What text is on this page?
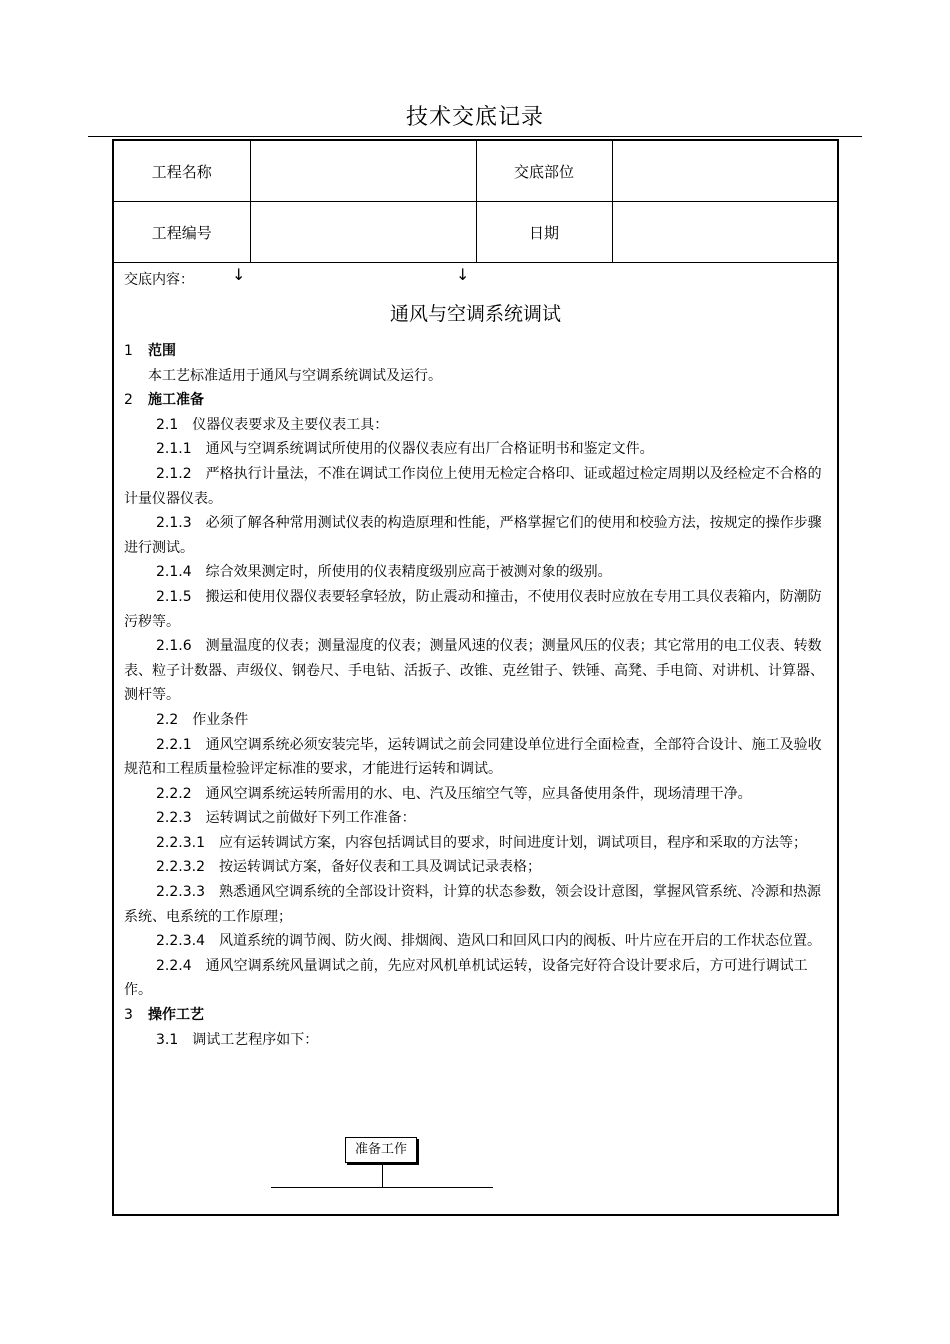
技术交底记录
工程名称		交底部位	
工程编号		日期	
交底内容： ↓	↓
通风与空调系统调试

1 范围

本工艺标准适用于通风与空调系统调试及运行。

2 施工准备

2.1　仪器仪表要求及主要仪表工具：

2.1.1　通风与空调系统调试所使用的仪器仪表应有出厂合格证明书和鉴定文件。

2.1.2　严格执行计量法，不准在调试工作岗位上使用无检定合格印、证或超过检定周期以及经检定不合格的计量仪器仪表。

2.1.3　必须了解各种常用测试仪表的构造原理和性能，严格掌握它们的使用和校验方法，按规定的操作步骤进行测试。

2.1.4　综合效果测定时，所使用的仪表精度级别应高于被测对象的级别。

2.1.5　搬运和使用仪器仪表要轻拿轻放，防止震动和撞击，不使用仪表时应放在专用工具仪表箱内，防潮防污秽等。

2.1.6　测量温度的仪表；测量湿度的仪表；测量风速的仪表；测量风压的仪表；其它常用的电工仪表、转数表、粒子计数器、声级仪、钢卷尺、手电钻、活扳子、改锥、克丝钳子、铁锤、高凳、手电筒、对讲机、计算器、测杆等。

2.2　作业条件

2.2.1　通风空调系统必须安装完毕，运转调试之前会同建设单位进行全面检查，全部符合设计、施工及验收规范和工程质量检验评定标准的要求，才能进行运转和调试。

2.2.2　通风空调系统运转所需用的水、电、汽及压缩空气等，应具备使用条件，现场清理干净。

2.2.3　运转调试之前做好下列工作准备：

2.2.3.1　应有运转调试方案，内容包括调试目的要求，时间进度计划，调试项目，程序和采取的方法等；

2.2.3.2　按运转调试方案，备好仪表和工具及调试记录表格；

2.2.3.3　熟悉通风空调系统的全部设计资料，计算的状态参数，领会设计意图，掌握风管系统、冷源和热源系统、电系统的工作原理；

2.2.3.4　风道系统的调节阀、防火阀、排烟阀、造风口和回风口内的阀板、叶片应在开启的工作状态位置。

2.2.4　通风空调系统风量调试之前，先应对风机单机试运转，设备完好符合设计要求后，方可进行调试工作。

3 操作工艺

3.1　调试工艺程序如下：

准备工作
